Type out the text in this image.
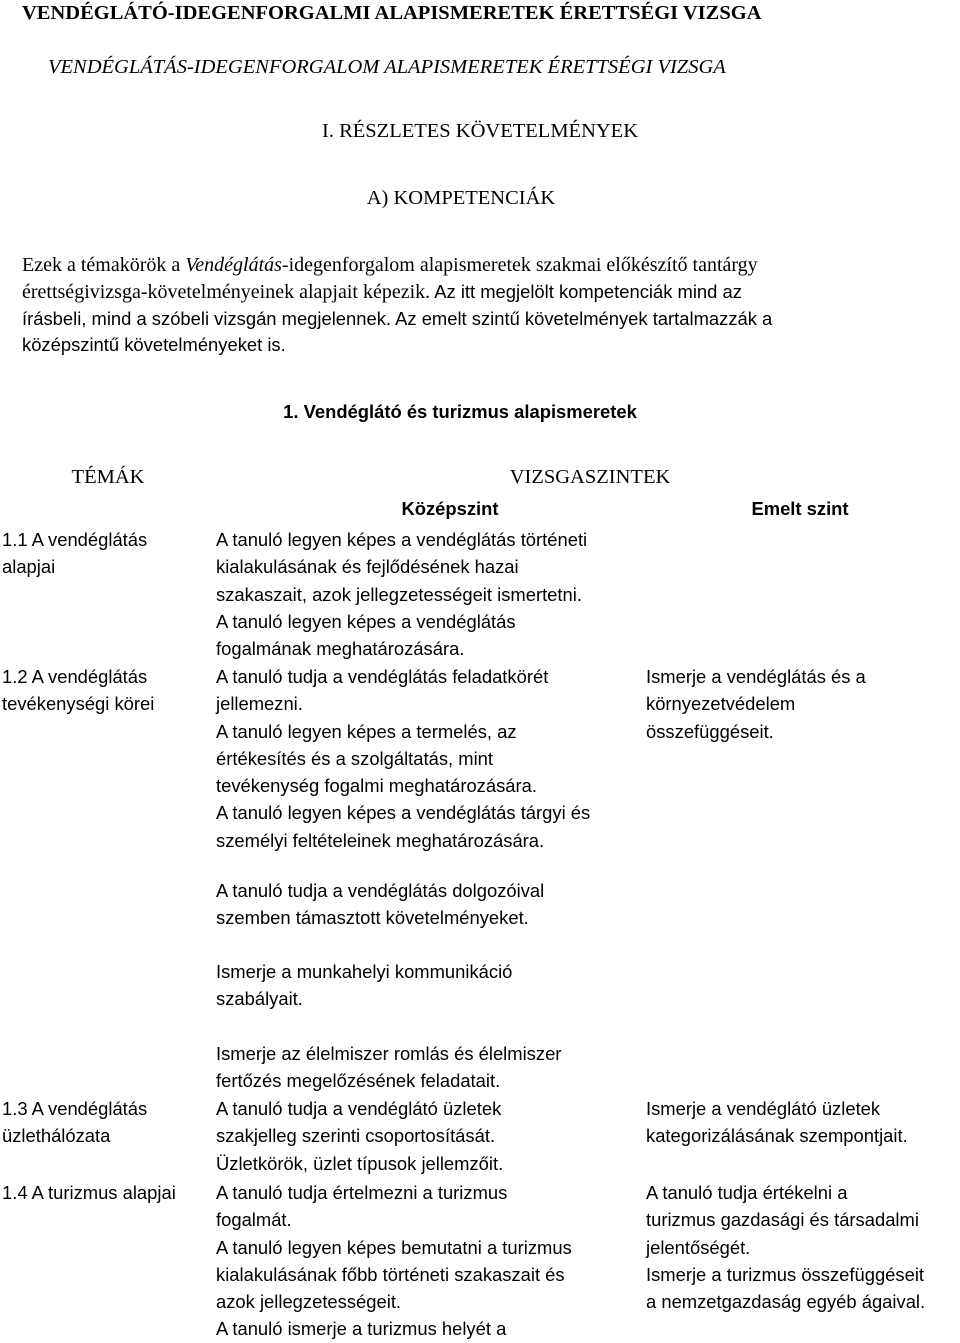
VENDÉGLÁTÓ-IDEGENFORGALMI ALAPISMERETEK ÉRETTSÉGI VIZSGA
VENDÉGLÁTÁS-IDEGENFORGALOM ALAPISMERETEK ÉRETTSÉGI VIZSGA
I. RÉSZLETES KÖVETELMÉNYEK
A) KOMPETENCIÁK
Ezek a témakörök a Vendéglátás-idegenforgalom alapismeretek szakmai előkészítő tantárgy
érettségivizsga-követelményeinek alapjait képezik. Az itt megjelölt kompetenciák mind az
írásbeli, mind a szóbeli vizsgán megjelennek. Az emelt szintű követelmények tartalmazzák a
középszintű követelményeket is.
1. Vendéglátó és turizmus alapismeretek
TÉMÁK	VIZSGASZINTEK
Középszint	Emelt szint
1.1 A vendéglátás
alapjai
A tanuló legyen képes a vendéglátás történeti
kialakulásának és fejlődésének hazai
szakaszait, azok jellegzetességeit ismertetni.
A tanuló legyen képes a vendéglátás
fogalmának meghatározására.
1.2 A vendéglátás
tevékenységi körei
A tanuló tudja a vendéglátás feladatkörét
jellemezni.
A tanuló legyen képes a termelés, az
értékesítés és a szolgáltatás, mint
tevékenység fogalmi meghatározására.
A tanuló legyen képes a vendéglátás tárgyi és
személyi feltételeinek meghatározására.
A tanuló tudja a vendéglátás dolgozóival
szemben támasztott követelményeket.
Ismerje a munkahelyi kommunikáció
szabályait.
Ismerje az élelmiszer romlás és élelmiszer
fertőzés megelőzésének feladatait.
Ismerje a vendéglátás és a
környezetvédelem
összefüggéseit.
1.3 A vendéglátás
üzlethálózata
A tanuló tudja a vendéglátó üzletek
szakjelleg szerinti csoportosítását.
Üzletkörök, üzlet típusok jellemzőit.
Ismerje a vendéglátó üzletek
kategorizálásának szempontjait.
1.4 A turizmus alapjai A tanuló tudja értelmezni a turizmus
fogalmát.
A tanuló legyen képes bemutatni a turizmus
kialakulásának főbb történeti szakaszait és
azok jellegzetességeit.
A tanuló ismerje a turizmus helyét a
A tanuló tudja értékelni a
turizmus gazdasági és társadalmi
jelentőségét.
Ismerje a turizmus összefüggéseit
a nemzetgazdaság egyéb ágaival.
